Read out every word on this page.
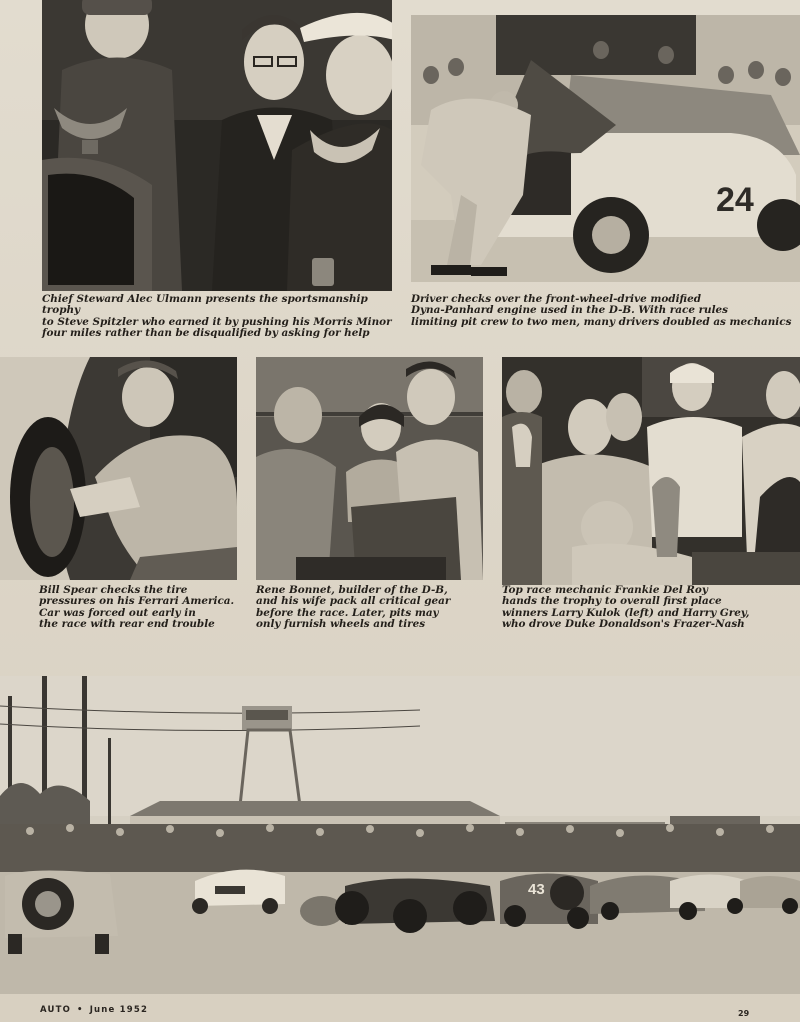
Chief Steward Alec Ulmann presents the sportsmanship trophy
to Steve Spitzler who earned it by pushing his Morris Minor
four miles rather than be disqualified by asking for help
24
Driver checks over the front-wheel-drive modified
Dyna-Panhard engine used in the D-B. With race rules
limiting pit crew to two men, many drivers doubled as mechanics
Bill Spear checks the tire
pressures on his Ferrari America.
Car was forced out early in
the race with rear end trouble
Rene Bonnet, builder of the D-B,
and his wife pack all critical gear
before the race. Later, pits may
only furnish wheels and tires
Top race mechanic Frankie Del Roy
hands the trophy to overall first place
winners Larry Kulok (left) and Harry Grey,
who drove Duke Donaldson's Frazer-Nash
43
AUTO • June 1952	29
